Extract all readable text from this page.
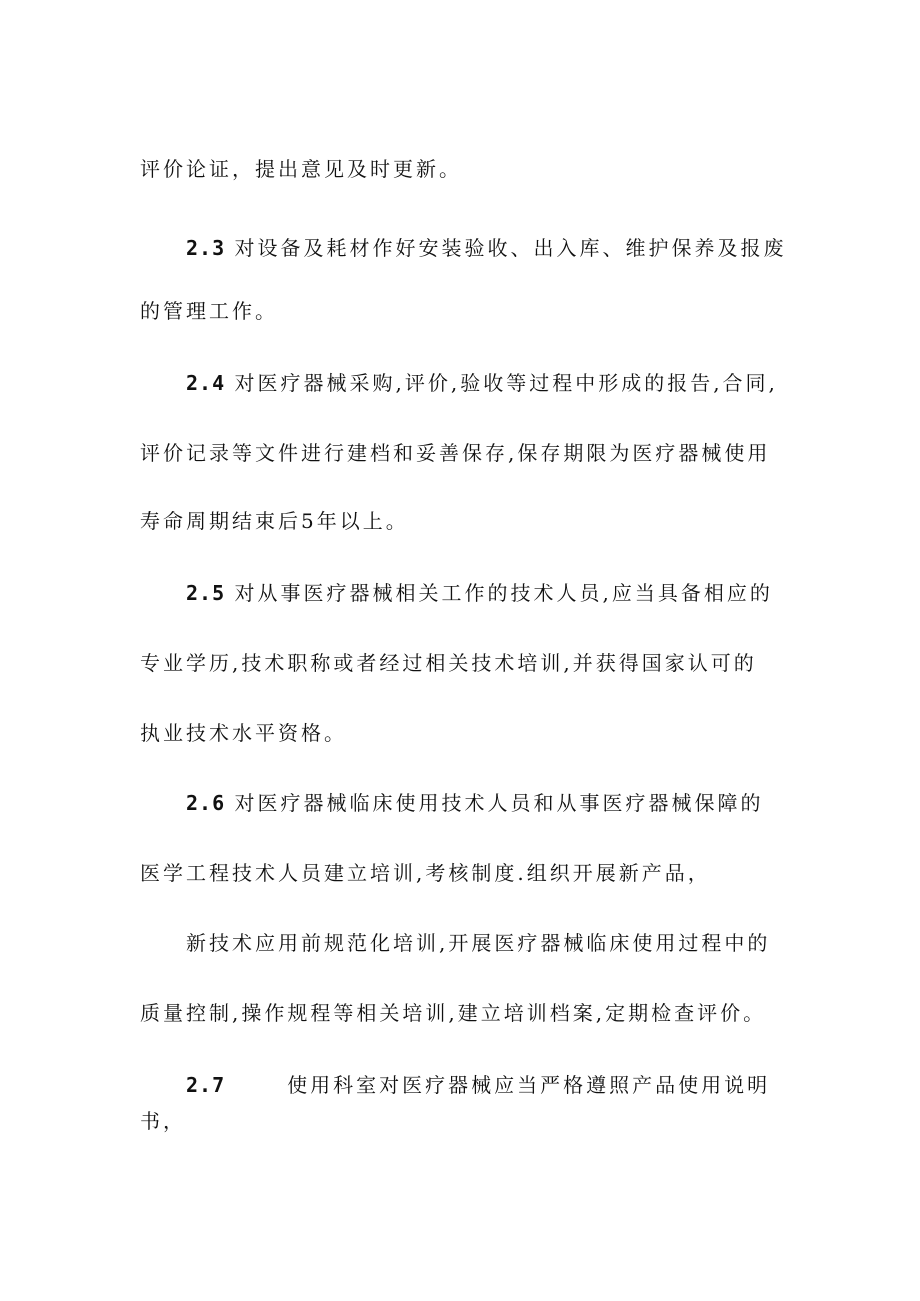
评价论证，提出意见及时更新。
2.3 对设备及耗材作好安装验收、出入库、维护保养及报废
的管理工作。
2.4 对医疗器械采购,评价,验收等过程中形成的报告,合同,
评价记录等文件进行建档和妥善保存,保存期限为医疗器械使用
寿命周期结束后5年以上。
2.5 对从事医疗器械相关工作的技术人员,应当具备相应的
专业学历,技术职称或者经过相关技术培训,并获得国家认可的
执业技术水平资格。
2.6 对医疗器械临床使用技术人员和从事医疗器械保障的
医学工程技术人员建立培训,考核制度.组织开展新产品，
新技术应用前规范化培训,开展医疗器械临床使用过程中的
质量控制,操作规程等相关培训,建立培训档案,定期检查评价。
2.7	使用科室对医疗器械应当严格遵照产品使用说明
书，
